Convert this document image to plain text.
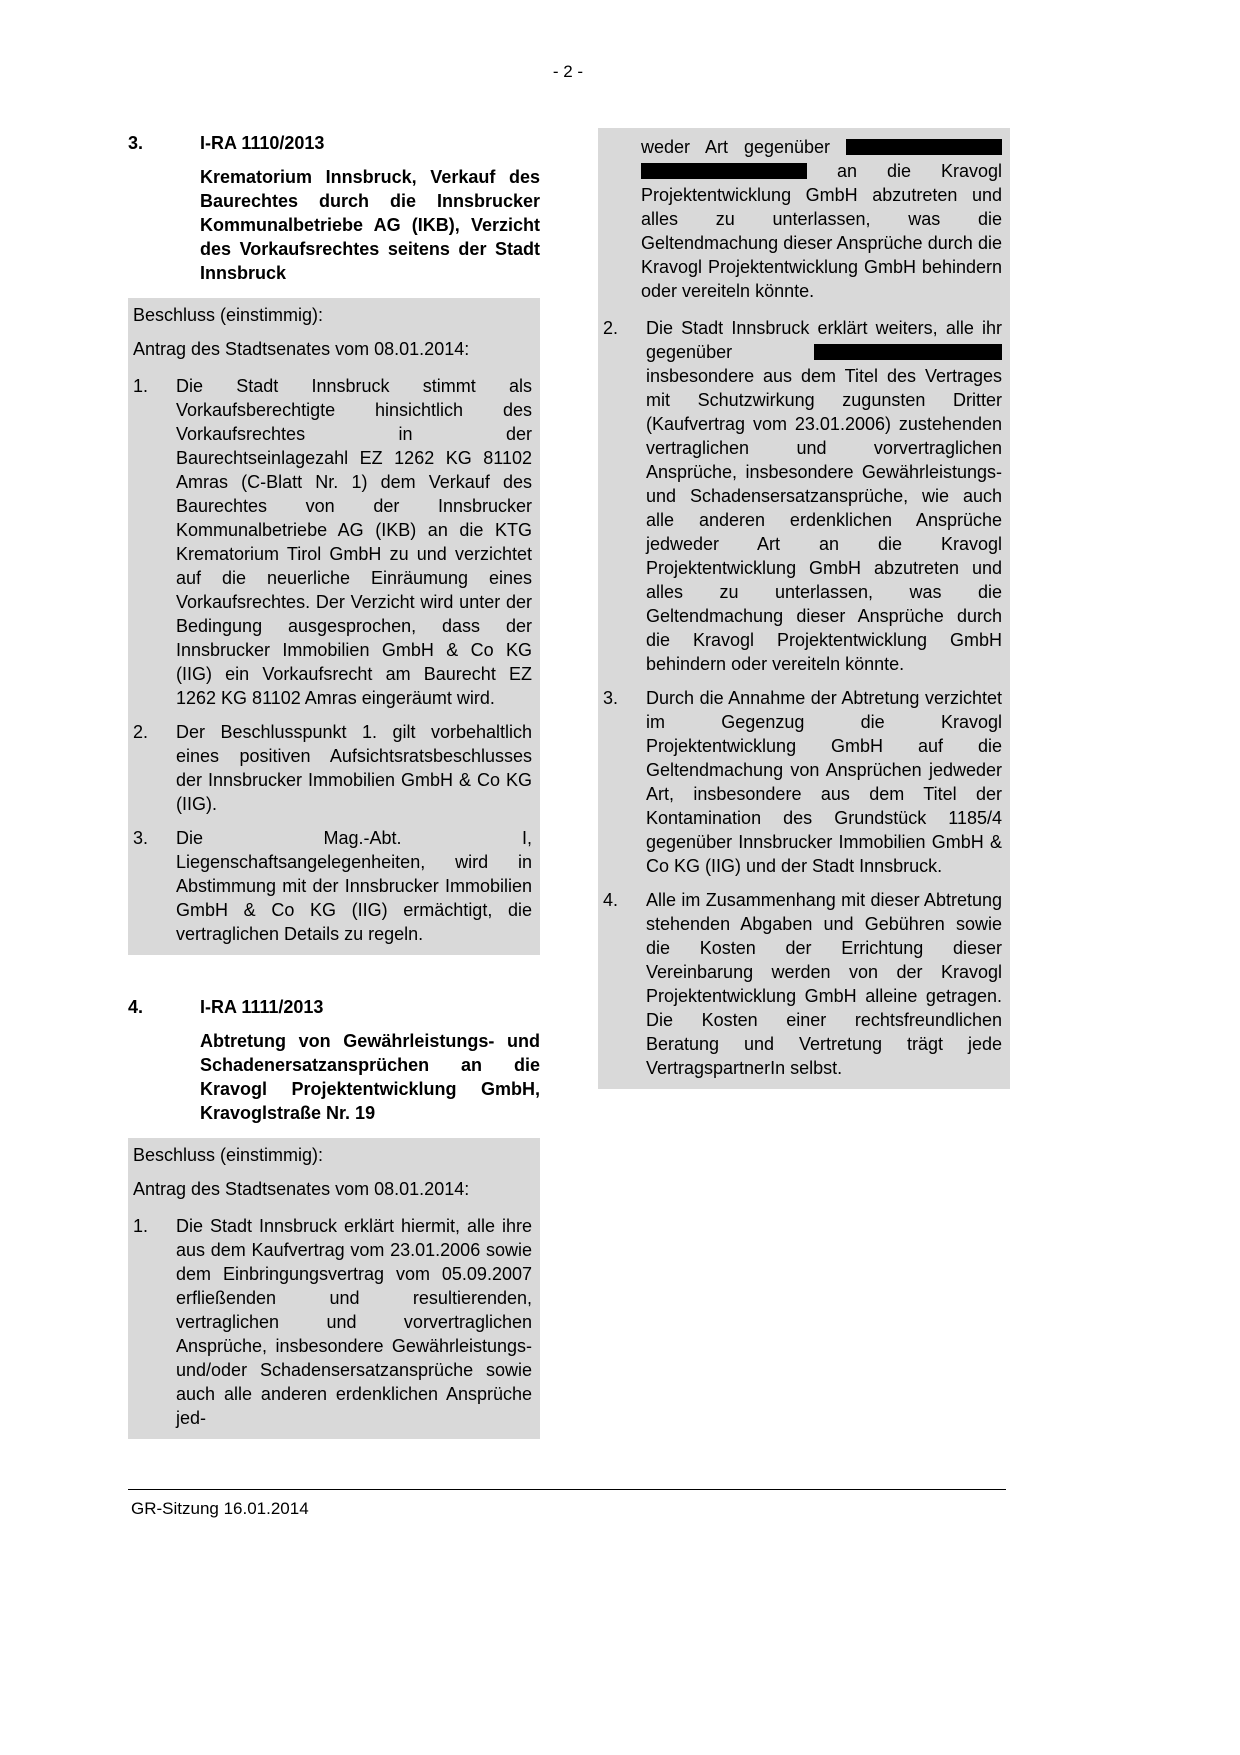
- 2 -
3.	I-RA 1110/2013
Krematorium Innsbruck, Verkauf des Baurechtes durch die Innsbrucker Kommunalbetriebe AG (IKB), Verzicht des Vorkaufsrechtes seitens der Stadt Innsbruck

Beschluss (einstimmig):

Antrag des Stadtsenates vom 08.01.2014:

1.	Die Stadt Innsbruck stimmt als Vorkaufsberechtigte hinsichtlich des Vorkaufsrechtes in der Baurechtseinlagezahl EZ 1262 KG 81102 Amras (C-Blatt Nr. 1) dem Verkauf des Baurechtes von der Innsbrucker Kommunalbetriebe AG (IKB) an die KTG Krematorium Tirol GmbH zu und verzichtet auf die neuerliche Einräumung eines Vorkaufsrechtes. Der Verzicht wird unter der Bedingung ausgesprochen, dass der Innsbrucker Immobilien GmbH & Co KG (IIG) ein Vorkaufsrecht am Baurecht EZ 1262 KG 81102 Amras eingeräumt wird.
2.	Der Beschlusspunkt 1. gilt vorbehaltlich eines positiven Aufsichtsratsbeschlusses der Innsbrucker Immobilien GmbH & Co KG (IIG).
3.	Die Mag.-Abt. I, Liegenschaftsangelegenheiten, wird in Abstimmung mit der Innsbrucker Immobilien GmbH & Co KG (IIG) ermächtigt, die vertraglichen Details zu regeln.
4.	I-RA 1111/2013
Abtretung von Gewährleistungs- und Schadenersatzansprüchen an die Kravogl Projektentwicklung GmbH, Kravoglstraße Nr. 19

Beschluss (einstimmig):

Antrag des Stadtsenates vom 08.01.2014:

1.	Die Stadt Innsbruck erklärt hiermit, alle ihre aus dem Kaufvertrag vom 23.01.2006 sowie dem Einbringungsvertrag vom 05.09.2007 erfließenden und resultierenden, vertraglichen und vorvertraglichen Ansprüche, insbesondere Gewährleistungs- und/oder Schadensersatzansprüche sowie auch alle anderen erdenklichen Ansprüche jed-
weder Art gegenüber   an die Kravogl Projektentwicklung GmbH abzutreten und alles zu unterlassen, was die Geltendmachung dieser Ansprüche durch die Kravogl Projektentwicklung GmbH behindern oder vereiteln könnte.
2.	Die Stadt Innsbruck erklärt weiters, alle ihr gegenüber  insbesondere aus dem Titel des Vertrages mit Schutzwirkung zugunsten Dritter (Kaufvertrag vom 23.01.2006) zustehenden vertraglichen und vorvertraglichen Ansprüche, insbesondere Gewährleistungs- und Schadensersatzansprüche, wie auch alle anderen erdenklichen Ansprüche jedweder Art an die Kravogl Projektentwicklung GmbH abzutreten und alles zu unterlassen, was die Geltendmachung dieser Ansprüche durch die Kravogl Projektentwicklung GmbH behindern oder vereiteln könnte.
3.	Durch die Annahme der Abtretung verzichtet im Gegenzug die Kravogl Projektentwicklung GmbH auf die Geltendmachung von Ansprüchen jedweder Art, insbesondere aus dem Titel der Kontamination des Grundstück 1185/4 gegenüber Innsbrucker Immobilien GmbH & Co KG (IIG) und der Stadt Innsbruck.
4.	Alle im Zusammenhang mit dieser Abtretung stehenden Abgaben und Gebühren sowie die Kosten der Errichtung dieser Vereinbarung werden von der Kravogl Projektentwicklung GmbH alleine getragen. Die Kosten einer rechtsfreundlichen Beratung und Vertretung trägt jede VertragspartnerIn selbst.
GR-Sitzung 16.01.2014
